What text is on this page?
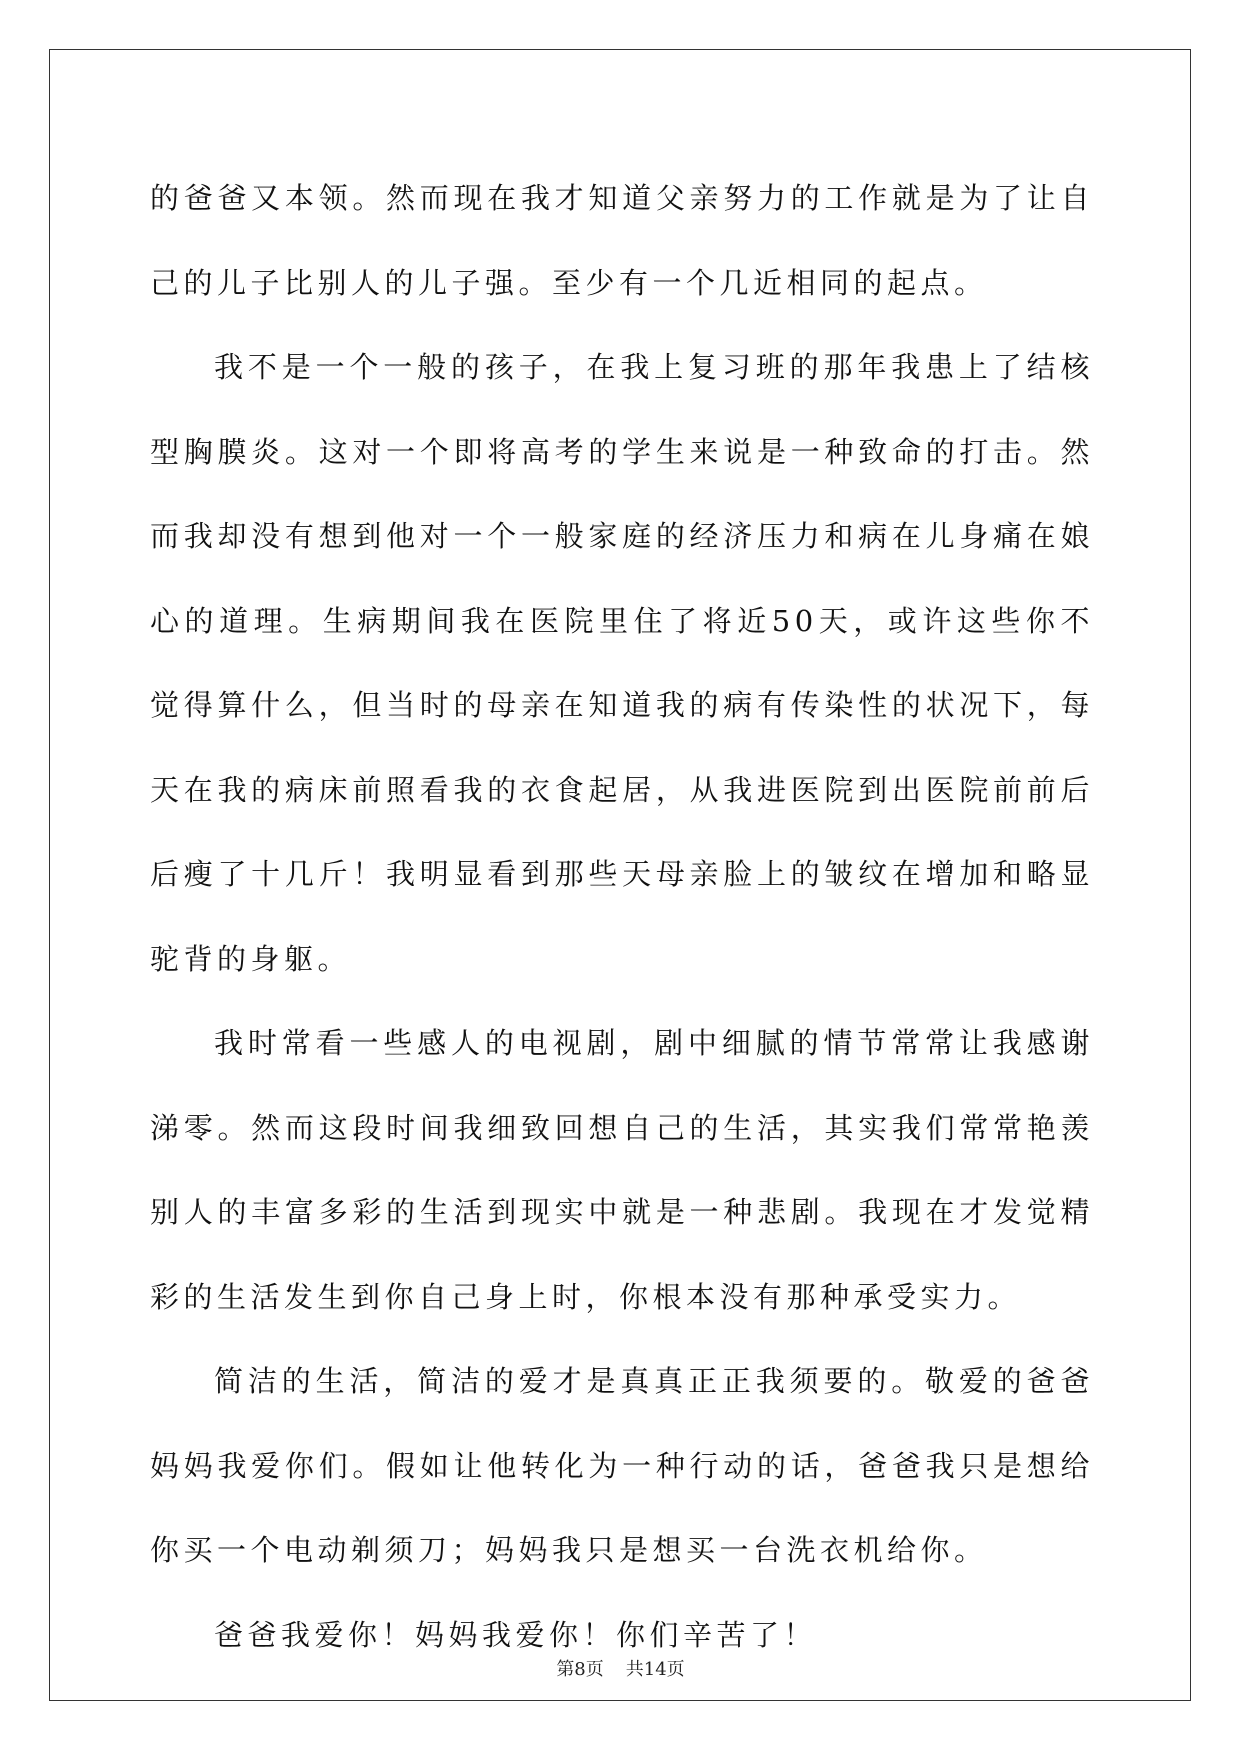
的爸爸又本领。然而现在我才知道父亲努力的工作就是为了让自己的儿子比别人的儿子强。至少有一个几近相同的起点。

我不是一个一般的孩子，在我上复习班的那年我患上了结核型胸膜炎。这对一个即将高考的学生来说是一种致命的打击。然而我却没有想到他对一个一般家庭的经济压力和病在儿身痛在娘心的道理。生病期间我在医院里住了将近50天，或许这些你不觉得算什么，但当时的母亲在知道我的病有传染性的状况下，每天在我的病床前照看我的衣食起居，从我进医院到出医院前前后后瘦了十几斤！我明显看到那些天母亲脸上的皱纹在增加和略显驼背的身躯。

我时常看一些感人的电视剧，剧中细腻的情节常常让我感谢涕零。然而这段时间我细致回想自己的生活，其实我们常常艳羡别人的丰富多彩的生活到现实中就是一种悲剧。我现在才发觉精彩的生活发生到你自己身上时，你根本没有那种承受实力。

简洁的生活，简洁的爱才是真真正正我须要的。敬爱的爸爸妈妈我爱你们。假如让他转化为一种行动的话，爸爸我只是想给你买一个电动剃须刀；妈妈我只是想买一台洗衣机给你。

爸爸我爱你！妈妈我爱你！你们辛苦了！

第8页 共14页
